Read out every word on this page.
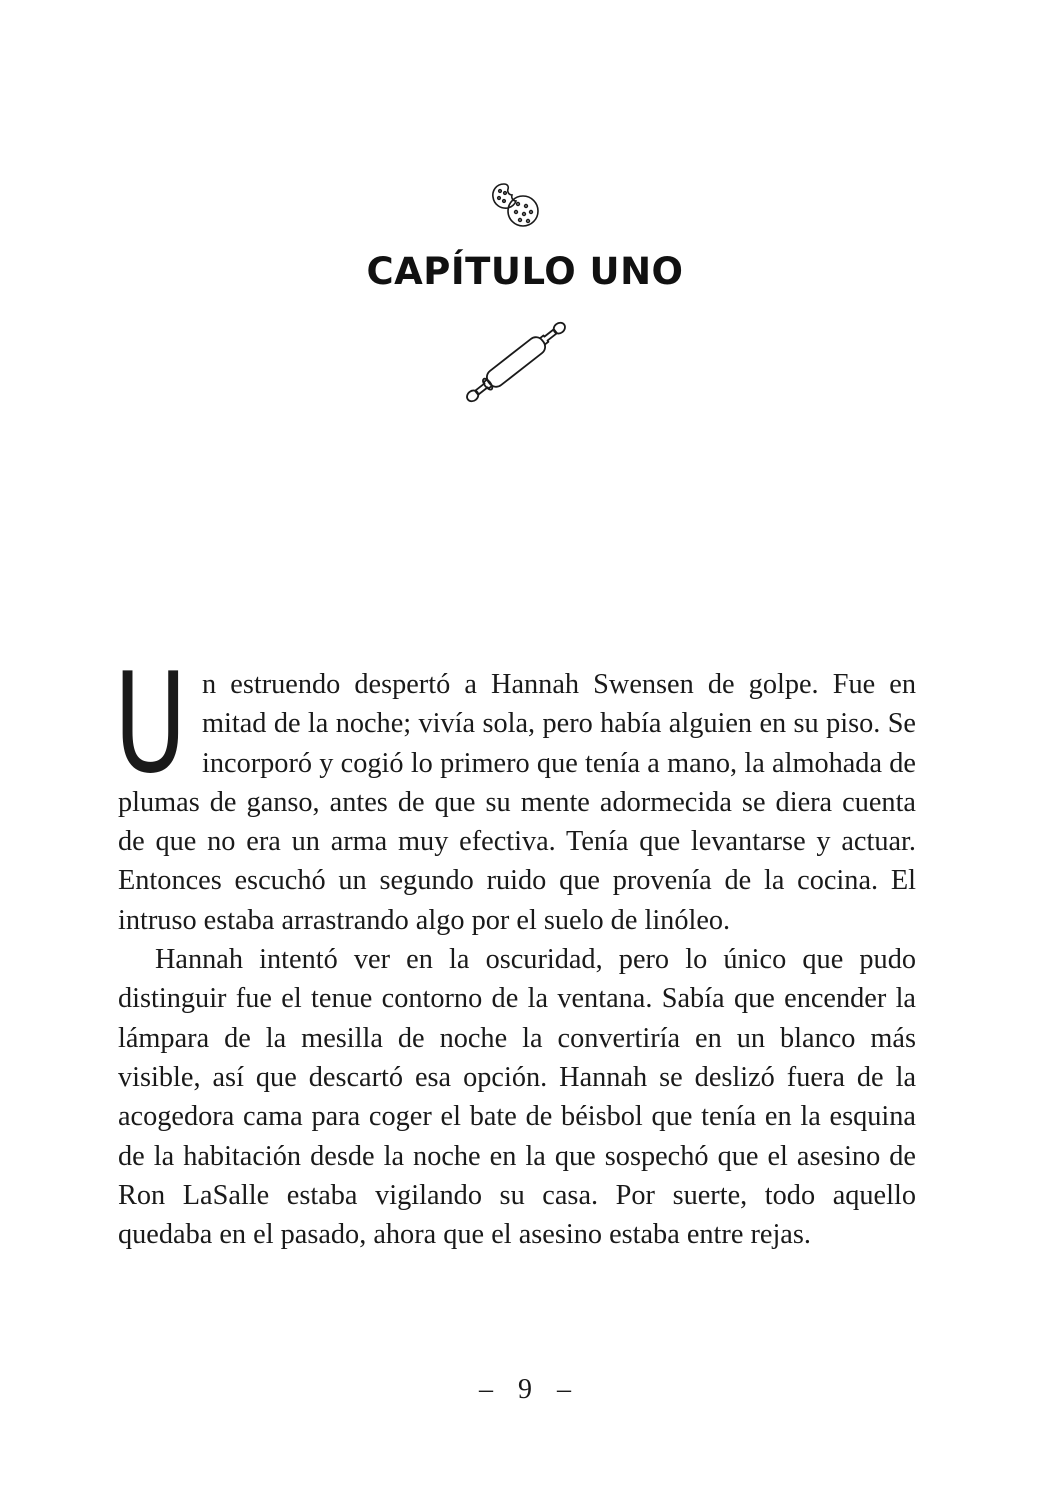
CAPÍTULO UNO

Un estruendo despertó a Hannah Swensen de golpe. Fue en mitad de la noche; vivía sola, pero había alguien en su piso. Se incorporó y cogió lo primero que tenía a mano, la almohada de plumas de ganso, antes de que su mente adormecida se diera cuenta de que no era un arma muy efectiva. Tenía que levantarse y actuar. Entonces escuchó un segundo ruido que provenía de la cocina. El intruso estaba arrastrando algo por el suelo de linóleo.

Hannah intentó ver en la oscuridad, pero lo único que pudo distinguir fue el tenue contorno de la ventana. Sabía que encender la lámpara de la mesilla de noche la convertiría en un blanco más visible, así que descartó esa opción. Hannah se deslizó fuera de la acogedora cama para coger el bate de béisbol que tenía en la esquina de la habitación desde la noche en la que sospechó que el asesino de Ron LaSalle estaba vigilando su casa. Por suerte, todo aquello quedaba en el pasado, ahora que el asesino estaba entre rejas.

– 9 –
